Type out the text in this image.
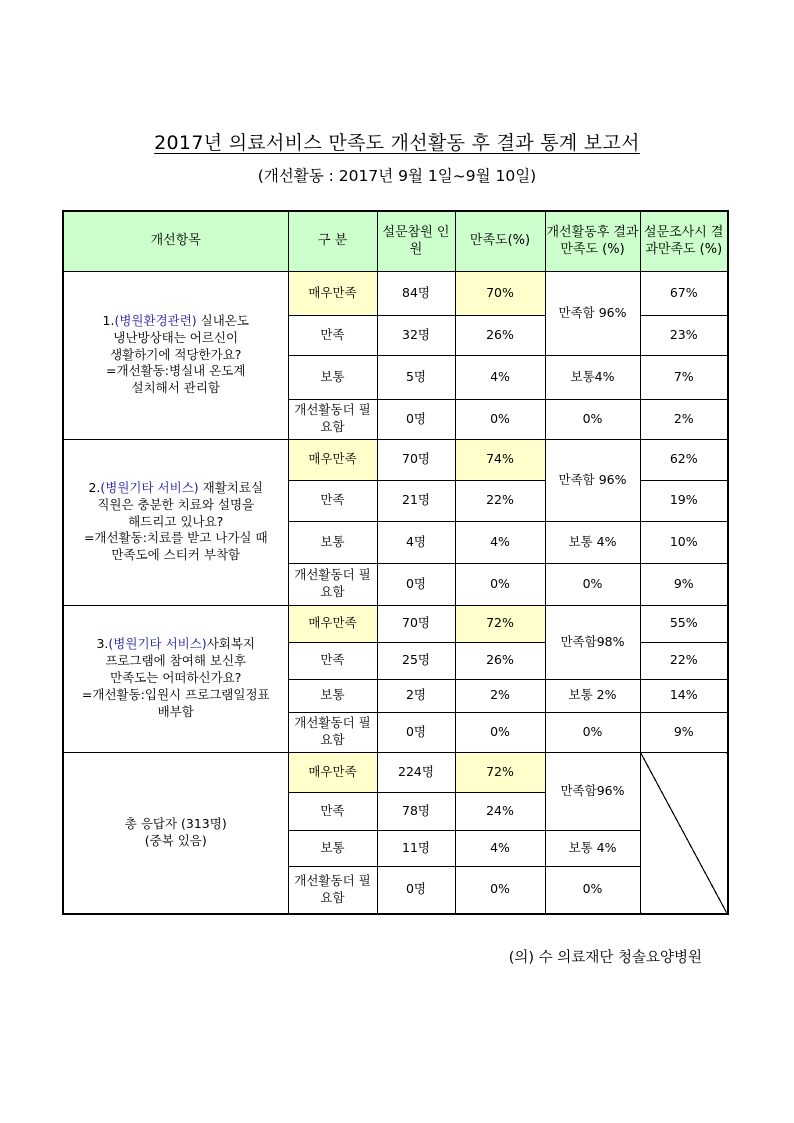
2017년 의료서비스 만족도 개선활동 후 결과 통계 보고서
(개선활동 : 2017년 9월 1일~9월 10일)
개선항목	구 분	설문참원 인원	만족도(%)	개선활동후 결과만족도 (%)	설문조사시 결과만족도 (%)
1.(병원환경관련) 실내온도
냉난방상태는 어르신이
생활하기에 적당한가요?
=개선활동:병실내 온도계
설치해서 관리함	매우만족	84명	70%	만족함 96%	67%
	만족	32명	26%		23%
	보통	5명	4%	보통4%	7%
	개선활동더 필요함	0명	0%	0%	2%
2.(병원기타 서비스) 재활치료실
직원은 충분한 치료와 설명을
해드리고 있나요?
=개선활동:치료를 받고 나가실 때
만족도에 스티커 부착함	매우만족	70명	74%	만족함 96%	62%
	만족	21명	22%		19%
	보통	4명	4%	보통 4%	10%
	개선활동더 필요함	0명	0%	0%	9%
3.(병원기타 서비스)사회복지
프로그램에 참여해 보신후
만족도는 어떠하신가요?
=개선활동:입원시 프로그램일정표
배부함	매우만족	70명	72%	만족함98%	55%
	만족	25명	26%		22%
	보통	2명	2%	보통 2%	14%
	개선활동더 필요함	0명	0%	0%	9%
총 응답자 (313명)
(중복 있음)	매우만족	224명	72%	만족함96%	
	만족	78명	24%		
	보통	11명	4%	보통 4%	
	개선활동더 필요함	0명	0%	0%	
(의) 수 의료재단 청솔요양병원
